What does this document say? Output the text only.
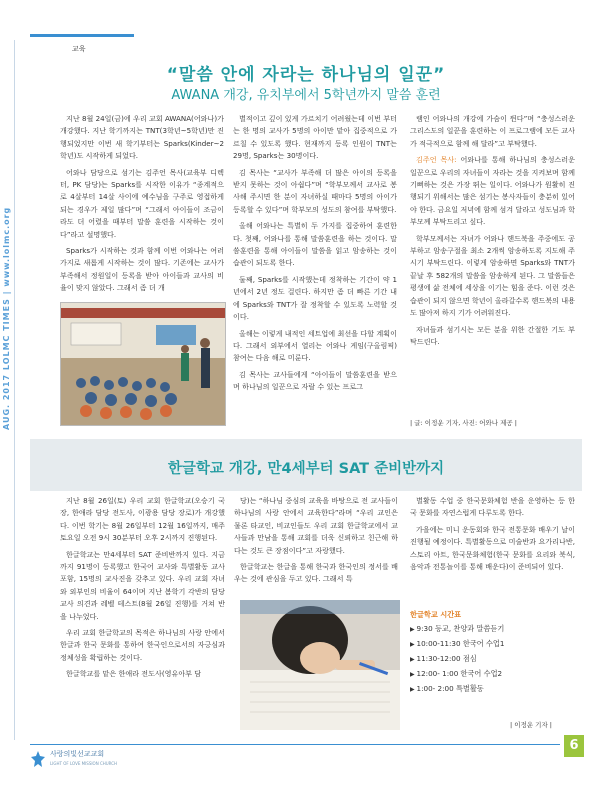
교육
AUG. 2017 LOLMC TIMES | www.lolmc.org
“말씀 안에 자라는 하나님의 일꾼”
AWANA 개강, 유치부에서 5학년까지 말씀 훈련

지난 8월 24일(금)에 우리 교회 AWANA(어와나)가 개강했다. 지난 학기까지는 TNT(3학년~5학년)만 진행되었지만 이번 새 학기부터는 Sparks(Kinder~2학년)도 시작하게 되었다.

어와나 담당으로 섬기는 김주언 목사(교육부 디렉터, PK 담당)는 Sparks를 시작한 이유가 “종계적으로 4살부터 14살 사이에 예수님을 구주로 영접하게 되는 경우가 제일 많다”며 “그래서 아이들이 조금이라도 더 어렸을 때부터 말씀 훈련을 시작하는 것이다”라고 설명했다.

Sparks가 시작하는 것과 함께 이번 어와나는 여러 가지로 새롭게 시작하는 것이 많다. 기존에는 교사가 부족해서 정원일이 등록을 받아 아이들과 교사의 비율이 맞지 않았다. 그래서 좀 더 개

별적이고 깊이 있게 가르치기 어려웠는데 이번 부터는 한 명의 교사가 5명의 아이만 맡아 집중적으로 가르칠 수 있도록 했다. 현재까지 등록 인원이 TNT는 29명, Sparks는 30명이다.

김 목사는 “교사가 부족해 더 많은 아이의 등록을 받지 못하는 것이 아쉽다”며 “학부모께서 교사로 봉사해 주시면 한 분이 자녀하실 때마다 5명의 아이가 등록할 수 있다”며 학부모의 성도의 참여를 부탁했다.

올해 어와나는 특별히 두 가지를 집중하여 훈련한다. 첫째, 어와나를 통해 말씀훈련을 하는 것이다. 말씀훈련을 통해 아이들이 말씀을 읽고 암송하는 것이 습관이 되도록 한다.

둘째, Sparks를 시작했는데 정착하는 기간이 약 1년에서 2년 정도 걸린다. 하지만 좀 더 빠른 기간 내에 Sparks와 TNT가 잘 정착할 수 있도록 노력할 것이다.

올해는 이렇게 내적인 세트업에 최선을 다할 계획이다. 그래서 외부에서 열리는 어와나 게임(구올림픽) 참여는 다음 해로 미룬다.

김 목사는 교사들에게 “아이들이 말씀훈련을 받으며 하나님의 일꾼으로 자랄 수 있는 프로그

램인 어와나의 개강에 가슴이 뛴다”며 “충성스러운 그리스도의 일꾼을 훈련하는 이 프로그램에 모든 교사가 적극적으로 함께 해 달라”고 부탁했다.

김주언 목사: 어와나를 통해 하나님의 충성스러운 일꾼으로 우리의 자녀들이 자라는 것을 지켜보며 함께 기뻐하는 것은 가장 뛰는 일이다. 어와나가 원활히 진행되기 위해서는 많은 섬기는 봉사자들이 충분히 있어야 한다. 금요일 저녁에 함께 섬겨 달라고 성도님과 학부모께 부탁드리고 싶다.

학부모께서는 자녀가 어와나 핸드북을 주중에도 공부하고 암송구절을 최소 2개씩 암송하도록 지도해 주시기 부탁드린다. 이렇게 암송하면 Sparks와 TNT가 끝날 후 582개의 말씀을 암송하게 된다. 그 말씀들은 평생에 삶 전체에 세상을 이기는 힘을 준다. 이런 것은 습관이 되지 않으면 학년이 올라갈수록 핸드북의 내용도 많아져 하지 기가 어려워진다.

자녀들과 섬기시는 모든 분을 위한 간절한 기도 부탁드린다.

| 글: 이정운 기자, 사진: 어와나 제공 |
한글학교 개강, 만4세부터 SAT 준비반까지

지난 8월 26일(토) 우리 교회 한글학교(오승기 국장, 한애라 담당 전도사, 이광용 담당 장로)가 개강했다. 이번 학기는 8월 26일부터 12월 16일까지, 매주 토요일 오전 9시 30분부터 오후 2시까지 진행된다.

한글학교는 만4세부터 SAT 준비반까지 있다. 지금까지 91명이 등록했고 한국어 교사와 특별활동 교사 포함, 15명의 교사진을 갖추고 있다. 우리 교회 자녀와 외부인의 비율이 64이며 지난 봄학기 각반의 담당교사 의견과 레벨 테스트(8월 26일 진행)를 거쳐 반을 나누었다.

우리 교회 한글학교의 목적은 하나님의 사랑 안에서 한글과 한국 문화를 통하여 한국인으로서의 자긍심과 정체성을 확립하는 것이다.

한글학교를 맡은 한애라 전도사(영유아부 담

당)는 “하나님 중심의 교육을 바탕으로 전 교사들이 하나님의 사랑 안에서 교육한다”라며 “우리 교인은 물론 타교인, 비교인들도 우리 교회 한글학교에서 교사들과 만남을 통해 교회를 더욱 신뢰하고 친근해 하다는 것도 큰 장점이다”고 자랑했다.

한글학교는 한글을 통해 한국과 한국인의 정서를 배우는 것에 관심을 두고 있다. 그래서 특

별활동 수업 중 한국문화체험 반을 운영하는 등 한국 문화를 자연스럽게 다루도록 한다.

가을에는 미니 운동회와 한국 전통문화 배우기 날이 진행될 예정이다. 특별활동으로 미술반과 요가리나반, 스토리 아트, 한국문화체험(한국 문화를 요리와 북식, 음악과 전통놀이를 통해 배운다)이 준비되어 있다.

한글학교 시간표
▶ 9:30 등교, 찬양과 말씀듣기
▶ 10:00-11:30 한국어 수업1
▶ 11:30-12:00 점심
▶ 12:00- 1:00 한국어 수업2
▶ 1:00- 2:00 특별활동
| 이정운 기자 |
사랑의빛선교교회
LIGHT OF LOVE MISSION CHURCH
6
